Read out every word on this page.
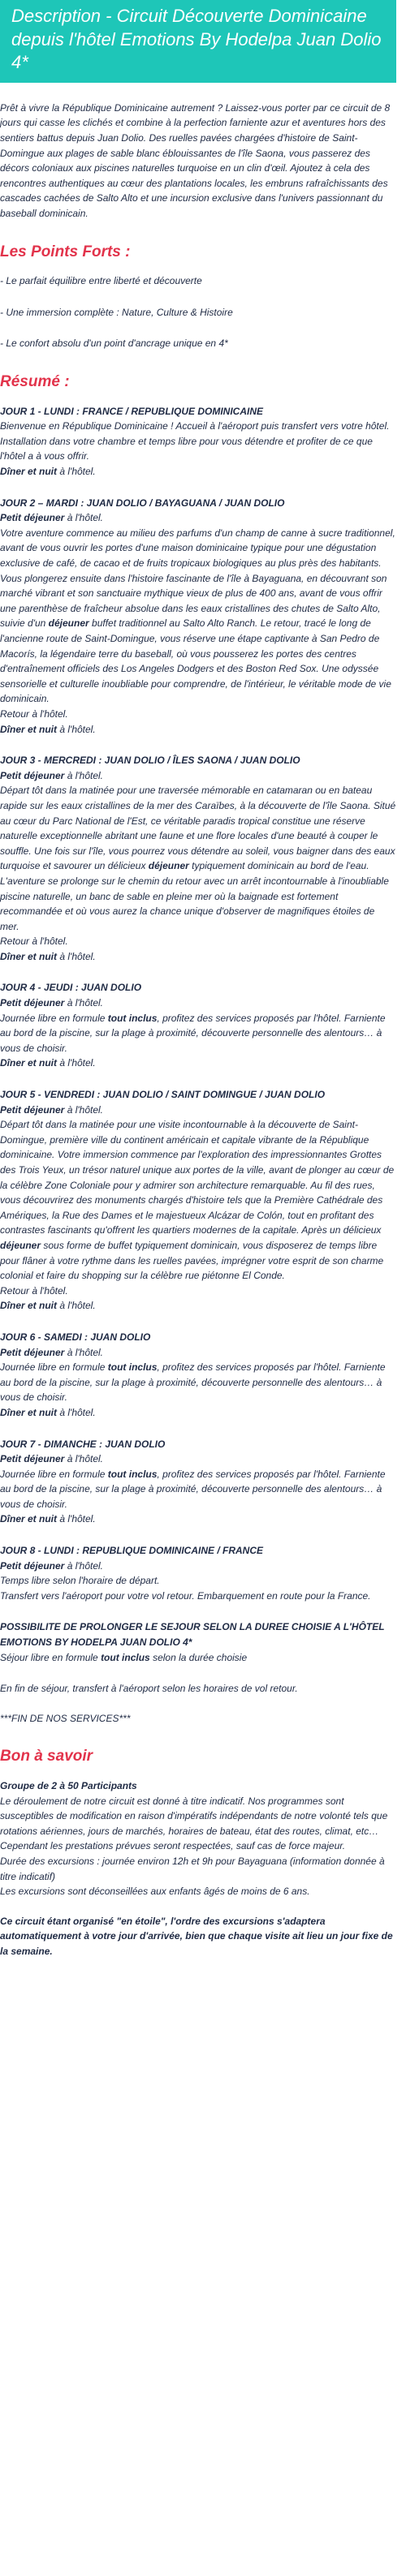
Description - Circuit Découverte Dominicaine depuis l'hôtel Emotions By Hodelpa Juan Dolio 4*

Prêt à vivre la République Dominicaine autrement ? Laissez-vous porter par ce circuit de 8 jours qui casse les clichés et combine à la perfection farniente azur et aventures hors des sentiers battus depuis Juan Dolio. Des ruelles pavées chargées d'histoire de Saint-Domingue aux plages de sable blanc éblouissantes de l'île Saona, vous passerez des décors coloniaux aux piscines naturelles turquoise en un clin d'œil. Ajoutez à cela des rencontres authentiques au cœur des plantations locales, les embruns rafraîchissants des cascades cachées de Salto Alto et une incursion exclusive dans l'univers passionnant du baseball dominicain.

Les Points Forts :

- Le parfait équilibre entre liberté et découverte

- Une immersion complète : Nature, Culture & Histoire

- Le confort absolu d'un point d'ancrage unique en 4*

Résumé :

JOUR 1 - LUNDI : FRANCE / REPUBLIQUE DOMINICAINE

Bienvenue en République Dominicaine ! Accueil à l'aéroport puis transfert vers votre hôtel. Installation dans votre chambre et temps libre pour vous détendre et profiter de ce que l'hôtel a à vous offrir.

Dîner et nuit à l'hôtel.

JOUR 2 – MARDI : JUAN DOLIO / BAYAGUANA / JUAN DOLIO

Petit déjeuner à l'hôtel.

Votre aventure commence au milieu des parfums d'un champ de canne à sucre traditionnel, avant de vous ouvrir les portes d'une maison dominicaine typique pour une dégustation exclusive de café, de cacao et de fruits tropicaux biologiques au plus près des habitants. Vous plongerez ensuite dans l'histoire fascinante de l'île à Bayaguana, en découvrant son marché vibrant et son sanctuaire mythique vieux de plus de 400 ans, avant de vous offrir une parenthèse de fraîcheur absolue dans les eaux cristallines des chutes de Salto Alto, suivie d'un déjeuner buffet traditionnel au Salto Alto Ranch. Le retour, tracé le long de l'ancienne route de Saint-Domingue, vous réserve une étape captivante à San Pedro de Macorís, la légendaire terre du baseball, où vous pousserez les portes des centres d'entraînement officiels des Los Angeles Dodgers et des Boston Red Sox. Une odyssée sensorielle et culturelle inoubliable pour comprendre, de l'intérieur, le véritable mode de vie dominicain.

Retour à l'hôtel.

Dîner et nuit à l'hôtel.

JOUR 3 - MERCREDI : JUAN DOLIO / ÎLES SAONA / JUAN DOLIO

Petit déjeuner à l'hôtel.

Départ tôt dans la matinée pour une traversée mémorable en catamaran ou en bateau rapide sur les eaux cristallines de la mer des Caraïbes, à la découverte de l'île Saona. Situé au cœur du Parc National de l'Est, ce véritable paradis tropical constitue une réserve naturelle exceptionnelle abritant une faune et une flore locales d'une beauté à couper le souffle. Une fois sur l'île, vous pourrez vous détendre au soleil, vous baigner dans des eaux turquoise et savourer un délicieux déjeuner typiquement dominicain au bord de l'eau. L'aventure se prolonge sur le chemin du retour avec un arrêt incontournable à l'inoubliable piscine naturelle, un banc de sable en pleine mer où la baignade est fortement recommandée et où vous aurez la chance unique d'observer de magnifiques étoiles de mer.

Retour à l'hôtel.

Dîner et nuit à l'hôtel.

JOUR 4 - JEUDI : JUAN DOLIO

Petit déjeuner à l'hôtel.

Journée libre en formule tout inclus, profitez des services proposés par l'hôtel. Farniente au bord de la piscine, sur la plage à proximité, découverte personnelle des alentours… à vous de choisir.

Dîner et nuit à l'hôtel.

JOUR 5 - VENDREDI : JUAN DOLIO / SAINT DOMINGUE / JUAN DOLIO

Petit déjeuner à l'hôtel.

Départ tôt dans la matinée pour une visite incontournable à la découverte de Saint-Domingue, première ville du continent américain et capitale vibrante de la République dominicaine. Votre immersion commence par l'exploration des impressionnantes Grottes des Trois Yeux, un trésor naturel unique aux portes de la ville, avant de plonger au cœur de la célèbre Zone Coloniale pour y admirer son architecture remarquable. Au fil des rues, vous découvrirez des monuments chargés d'histoire tels que la Première Cathédrale des Amériques, la Rue des Dames et le majestueux Alcázar de Colón, tout en profitant des contrastes fascinants qu'offrent les quartiers modernes de la capitale. Après un délicieux déjeuner sous forme de buffet typiquement dominicain, vous disposerez de temps libre pour flâner à votre rythme dans les ruelles pavées, imprégner votre esprit de son charme colonial et faire du shopping sur la célèbre rue piétonne El Conde.

Retour à l'hôtel.

Dîner et nuit à l'hôtel.

JOUR 6 - SAMEDI : JUAN DOLIO

Petit déjeuner à l'hôtel.

Journée libre en formule tout inclus, profitez des services proposés par l'hôtel. Farniente au bord de la piscine, sur la plage à proximité, découverte personnelle des alentours… à vous de choisir.

Dîner et nuit à l'hôtel.

JOUR 7 - DIMANCHE : JUAN DOLIO

Petit déjeuner à l'hôtel.

Journée libre en formule tout inclus, profitez des services proposés par l'hôtel. Farniente au bord de la piscine, sur la plage à proximité, découverte personnelle des alentours… à vous de choisir.

Dîner et nuit à l'hôtel.

JOUR 8 - LUNDI : REPUBLIQUE DOMINICAINE / FRANCE

Petit déjeuner à l'hôtel.

Temps libre selon l'horaire de départ.

Transfert vers l'aéroport pour votre vol retour. Embarquement en route pour la France.

POSSIBILITE DE PROLONGER LE SEJOUR SELON LA DUREE CHOISIE A L'HÔTEL EMOTIONS BY HODELPA JUAN DOLIO 4*

Séjour libre en formule tout inclus selon la durée choisie

En fin de séjour, transfert à l'aéroport selon les horaires de vol retour.

***FIN DE NOS SERVICES***

Bon à savoir

Groupe de 2 à 50 Participants

Le déroulement de notre circuit est donné à titre indicatif. Nos programmes sont susceptibles de modification en raison d'impératifs indépendants de notre volonté tels que rotations aériennes, jours de marchés, horaires de bateau, état des routes, climat, etc… Cependant les prestations prévues seront respectées, sauf cas de force majeur.

Durée des excursions : journée environ 12h et 9h pour Bayaguana (information donnée à titre indicatif)

Les excursions sont déconseillées aux enfants âgés de moins de 6 ans.

Ce circuit étant organisé "en étoile", l'ordre des excursions s'adaptera automatiquement à votre jour d'arrivée, bien que chaque visite ait lieu un jour fixe de la semaine.
